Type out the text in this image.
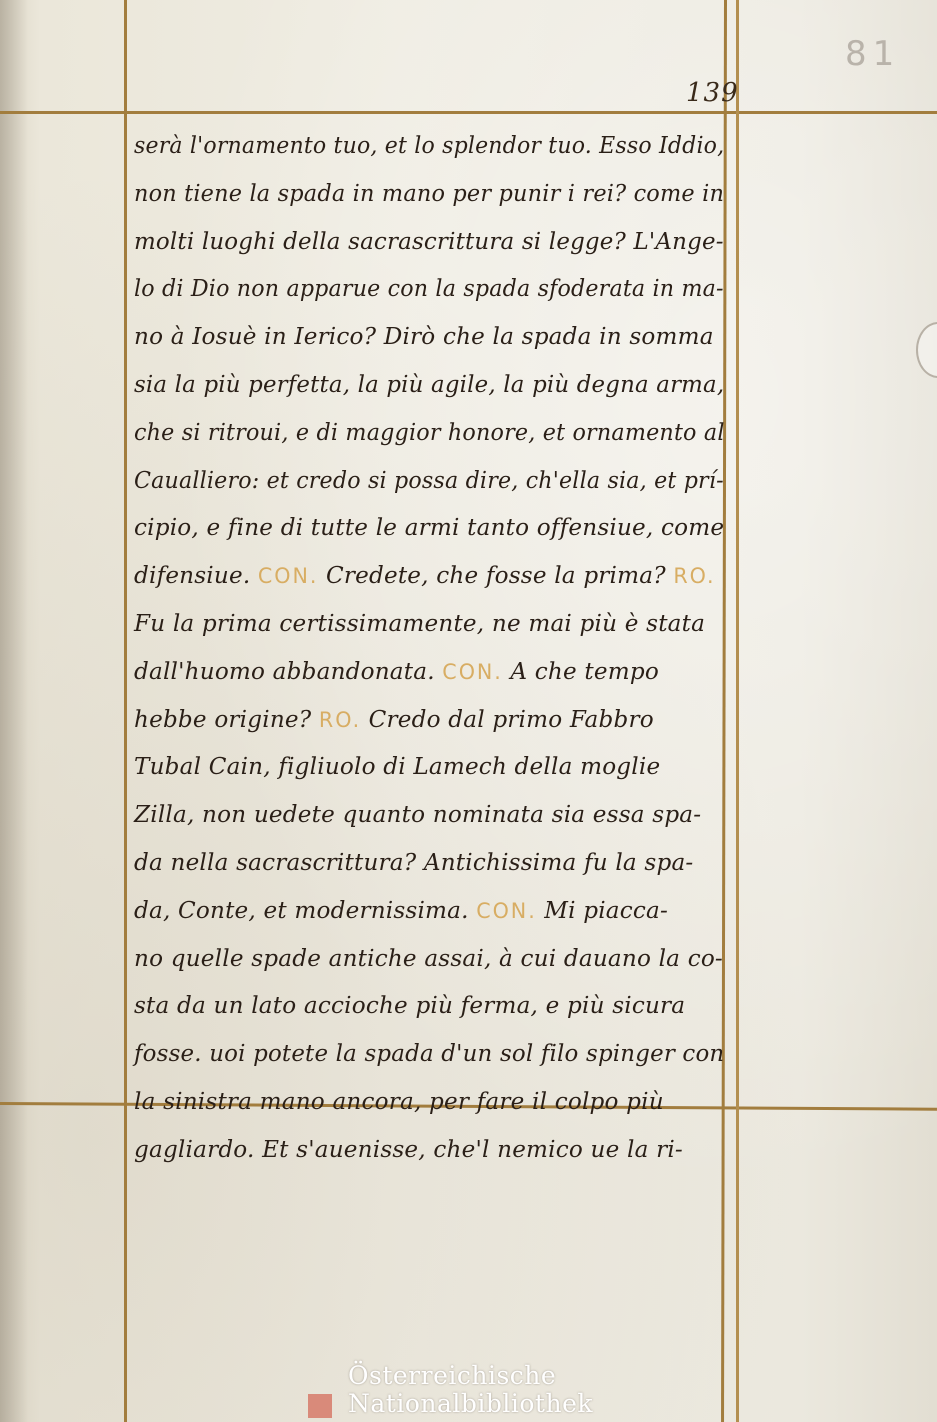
81
139
serà l'ornamento tuo, et lo splendor tuo. Esso Iddio,
non tiene la spada in mano per punir i rei? come in
molti luoghi della sacrascrittura si legge? L'Ange-
lo di Dio non apparue con la spada sfoderata in ma-
no à Iosuè in Ierico? Dirò che la spada in somma
sia la più perfetta, la più agile, la più degna arma,
che si ritroui, e di maggior honore, et ornamento al
Caualliero: et credo si possa dire, ch'ella sia, et prí-
cipio, e fine di tutte le armi tanto offensiue, come
difensiue. CON. Credete, che fosse la prima? RO.
Fu la prima certissimamente, ne mai più è stata
dall'huomo abbandonata. CON. A che tempo
hebbe origine? RO. Credo dal primo Fabbro
Tubal Cain, figliuolo di Lamech della moglie
Zilla, non uedete quanto nominata sia essa spa-
da nella sacrascrittura? Antichissima fu la spa-
da, Conte, et modernissima. CON. Mi piacca-
no quelle spade antiche assai, à cui dauano la co-
sta da un lato accioche più ferma, e più sicura
fosse. uoi potete la spada d'un sol filo spinger con
la sinistra mano ancora, per fare il colpo più
gagliardo. Et s'auenisse, che'l nemico ue la ri-
Österreichische
Nationalbibliothek
